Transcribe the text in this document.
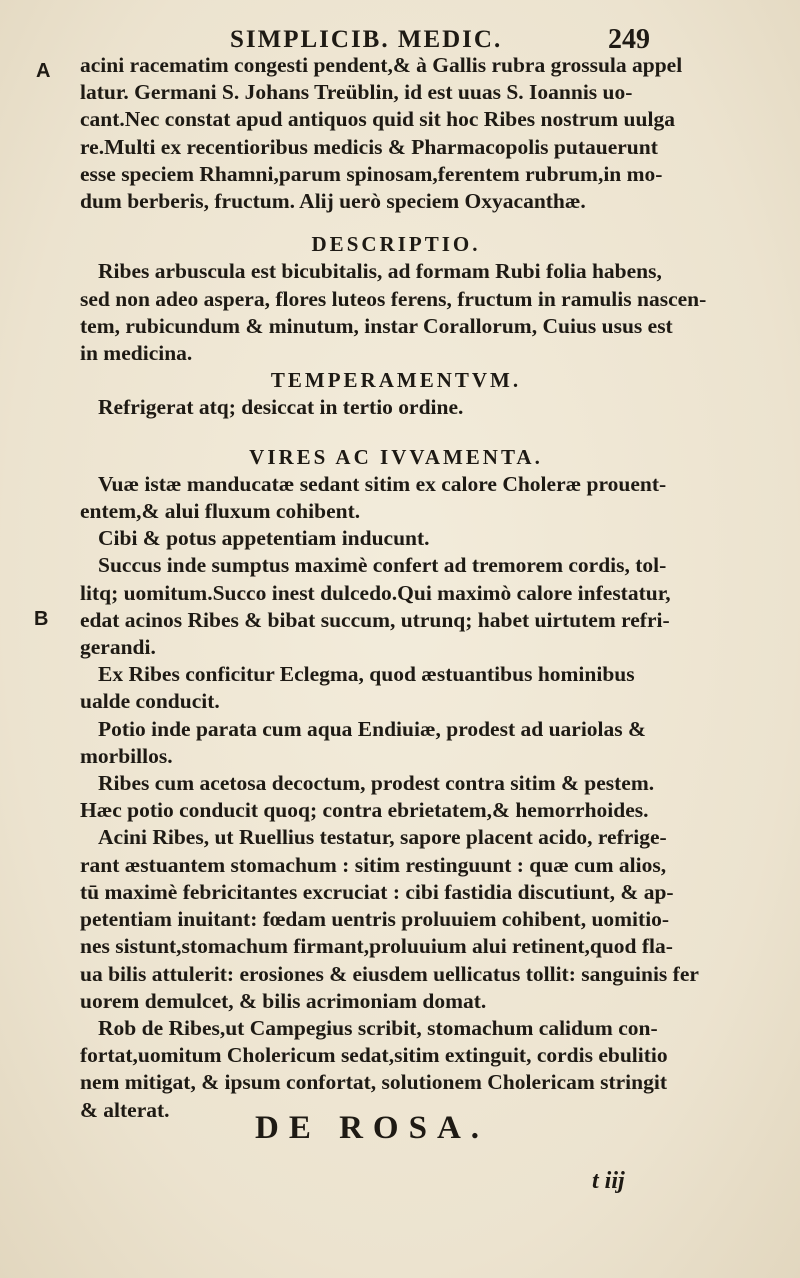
SIMPLICIB. MEDIC.	249
A
B

acini racematim congesti pendent,& à Gallis rubra grossula appel

latur. Germani S. Johans Treüblin, id est uuas S. Ioannis uo-

cant.Nec constat apud antiquos quid sit hoc Ribes nostrum uulga

re.Multi ex recentioribus medicis & Pharmacopolis putauerunt

esse speciem Rhamni,parum spinosam,ferentem rubrum,in mo-

dum berberis, fructum. Alij uerò speciem Oxyacanthæ.

DESCRIPTIO.

Ribes arbuscula est bicubitalis, ad formam Rubi folia habens,

sed non adeo aspera, flores luteos ferens, fructum in ramulis nascen-

tem, rubicundum & minutum, instar Corallorum, Cuius usus est

in medicina.

TEMPERAMENTVM.

Refrigerat atq; desiccat in tertio ordine.

VIRES AC IVVAMENTA.

Vuæ istæ manducatæ sedant sitim ex calore Choleræ prouent-

entem,& alui fluxum cohibent.

Cibi & potus appetentiam inducunt.

Succus inde sumptus maximè confert ad tremorem cordis, tol-

litq; uomitum.Succo inest dulcedo.Qui maximò calore infestatur,

edat acinos Ribes & bibat succum, utrunq; habet uirtutem refri-

gerandi.

Ex Ribes conficitur Eclegma, quod æstuantibus hominibus

ualde conducit.

Potio inde parata cum aqua Endiuiæ, prodest ad uariolas &

morbillos.

Ribes cum acetosa decoctum, prodest contra sitim & pestem.

Hæc potio conducit quoq; contra ebrietatem,& hemorrhoides.

Acini Ribes, ut Ruellius testatur, sapore placent acido, refrige-

rant æstuantem stomachum : sitim restinguunt : quæ cum alios,

tū maximè febricitantes excruciat : cibi fastidia discutiunt, & ap-

petentiam inuitant: fœdam uentris proluuiem cohibent, uomitio-

nes sistunt,stomachum firmant,proluuium alui retinent,quod fla-

ua bilis attulerit: erosiones & eiusdem uellicatus tollit: sanguinis fer

uorem demulcet, & bilis acrimoniam domat.

Rob de Ribes,ut Campegius scribit, stomachum calidum con-

fortat,uomitum Cholericum sedat,sitim extinguit, cordis ebulitio

nem mitigat, & ipsum confortat, solutionem Cholericam stringit

& alterat.

DE ROSA.
t iij
